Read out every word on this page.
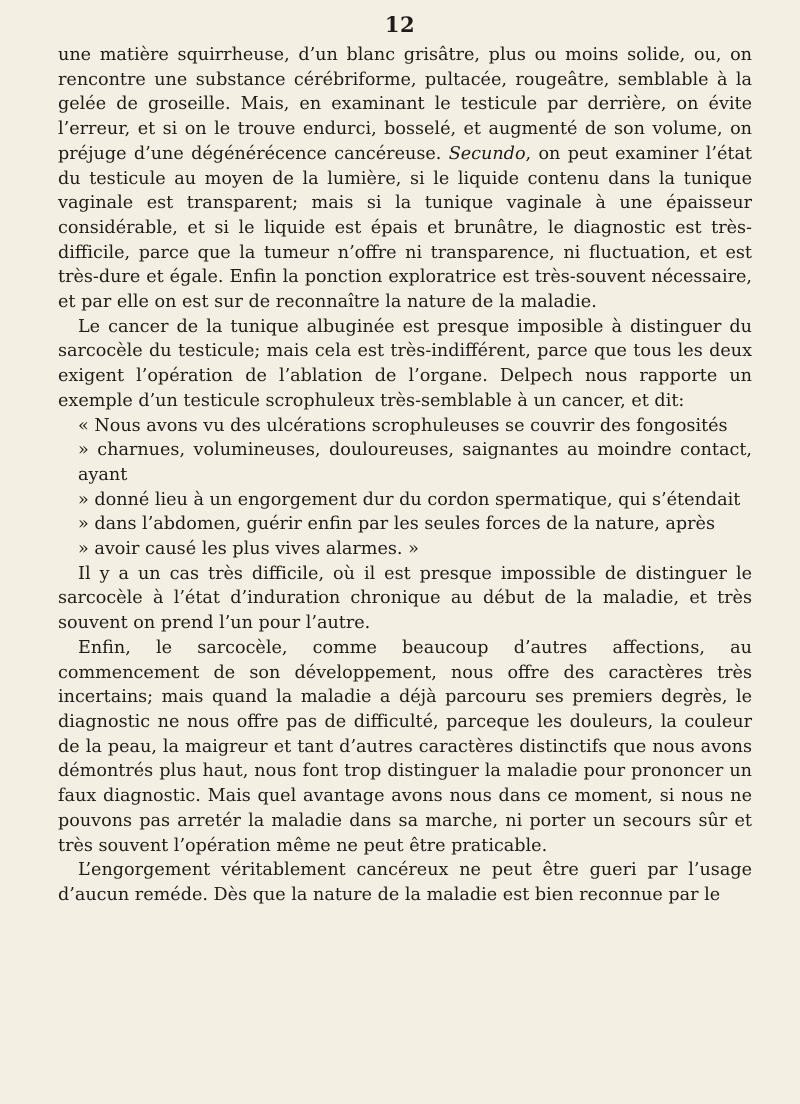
12

une matière squirrheuse, d’un blanc grisâtre, plus ou moins solide, ou, on rencontre une substance cérébriforme, pultacée, rougeâtre, semblable à la gelée de groseille. Mais, en examinant le testicule par derrière, on évite l’erreur, et si on le trouve endurci, bosselé, et augmenté de son volume, on préjuge d’une dégénérécence cancéreuse. Secundo, on peut examiner l’état du testicule au moyen de la lumière, si le liquide contenu dans la tunique vaginale est transparent; mais si la tunique vaginale à une épaisseur considérable, et si le liquide est épais et brunâtre, le diagnostic est très-difficile, parce que la tumeur n’offre ni transparence, ni fluctuation, et est très-dure et égale. Enfin la ponction exploratrice est très-souvent nécessaire, et par elle on est sur de reconnaître la nature de la maladie.

Le cancer de la tunique albuginée est presque imposible à distinguer du sarcocèle du testicule; mais cela est très-indifférent, parce que tous les deux exigent l’opération de l’ablation de l’organe. Delpech nous rapporte un exemple d’un testicule scrophuleux très-semblable à un cancer, et dit:

« Nous avons vu des ulcérations scrophuleuses se couvrir des fongosités
» charnues, volumineuses, douloureuses, saignantes au moindre contact, ayant
» donné lieu à un engorgement dur du cordon spermatique, qui s’étendait
» dans l’abdomen, guérir enfin par les seules forces de la nature, après
» avoir causé les plus vives alarmes. »

Il y a un cas très difficile, où il est presque impossible de distinguer le sarcocèle à l’état d’induration chronique au début de la maladie, et très souvent on prend l’un pour l’autre.

Enfin, le sarcocèle, comme beaucoup d’autres affections, au commencement de son développement, nous offre des caractères très incertains; mais quand la maladie a déjà parcouru ses premiers degrès, le diagnostic ne nous offre pas de difficulté, parceque les douleurs, la couleur de la peau, la maigreur et tant d’autres caractères distinctifs que nous avons démontrés plus haut, nous font trop distinguer la maladie pour prononcer un faux diagnostic. Mais quel avantage avons nous dans ce moment, si nous ne pouvons pas arretér la maladie dans sa marche, ni porter un secours sûr et très souvent l’opération même ne peut être praticable.

L’engorgement véritablement cancéreux ne peut être gueri par l’usage d’aucun reméde. Dès que la nature de la maladie est bien reconnue par le
